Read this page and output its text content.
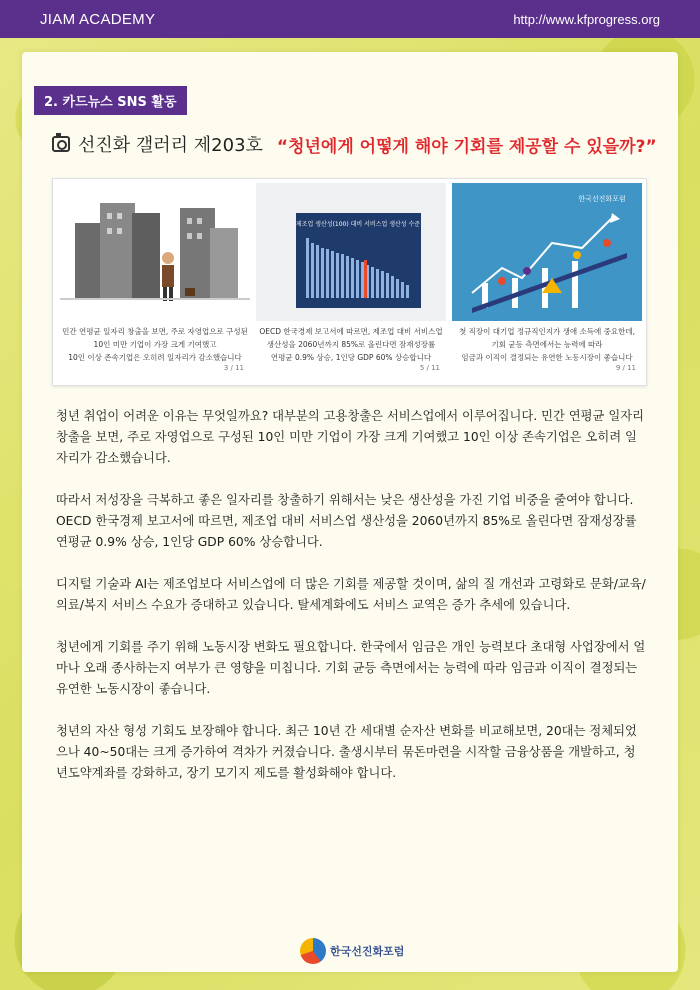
JIAM ACADEMY	http://www.kfprogress.org
2. 카드뉴스 SNS 활동
선진화 갤러리 제203호 “청년에게 어떻게 해야 기회를 제공할 수 있을까?”
민간 연평균 일자리 창출을 보면, 주로 자영업으로 구성된
10인 미만 기업이 가장 크게 기여했고
10인 이상 존속기업은 오히려 일자리가 감소했습니다
3 / 11
제조업 생산성(100) 대비 서비스업 생산성 수준
OECD 한국경제 보고서에 따르면, 제조업 대비 서비스업
생산성을 2060년까지 85%로 올린다면 잠재성장률
연평균 0.9% 상승, 1인당 GDP 60% 상승합니다
5 / 11
한국선진화포럼
첫 직장이 대기업 정규직인지가 생애 소득에 중요한데,
기회 균등 측면에서는 능력에 따라
임금과 이직이 결정되는 유연한 노동시장이 좋습니다
9 / 11

청년 취업이 어려운 이유는 무엇일까요? 대부분의 고용창출은 서비스업에서 이루어집니다. 민간 연평균 일자리 창출을 보면, 주로 자영업으로 구성된 10인 미만 기업이 가장 크게 기여했고 10인 이상 존속기업은 오히려 일자리가 감소했습니다.

따라서 저성장을 극복하고 좋은 일자리를 창출하기 위해서는 낮은 생산성을 가진 기업 비중을 줄여야 합니다. OECD 한국경제 보고서에 따르면, 제조업 대비 서비스업 생산성을 2060년까지 85%로 올린다면 잠재성장률 연평균 0.9% 상승, 1인당 GDP 60% 상승합니다.

디지털 기술과 AI는 제조업보다 서비스업에 더 많은 기회를 제공할 것이며, 삶의 질 개선과 고령화로 문화/교육/의료/복지 서비스 수요가 증대하고 있습니다. 탈세계화에도 서비스 교역은 증가 추세에 있습니다.

청년에게 기회를 주기 위해 노동시장 변화도 필요합니다. 한국에서 임금은 개인 능력보다 초대형 사업장에서 얼마나 오래 종사하는지 여부가 큰 영향을 미칩니다. 기회 균등 측면에서는 능력에 따라 임금과 이직이 결정되는 유연한 노동시장이 좋습니다.

청년의 자산 형성 기회도 보장해야 합니다. 최근 10년 간 세대별 순자산 변화를 비교해보면, 20대는 정체되었으나 40~50대는 크게 증가하여 격차가 커졌습니다. 출생시부터 묶돈마련을 시작할 금융상품을 개발하고, 청년도약계좌를 강화하고, 장기 모기지 제도를 활성화해야 합니다.

한국선진화포럼
